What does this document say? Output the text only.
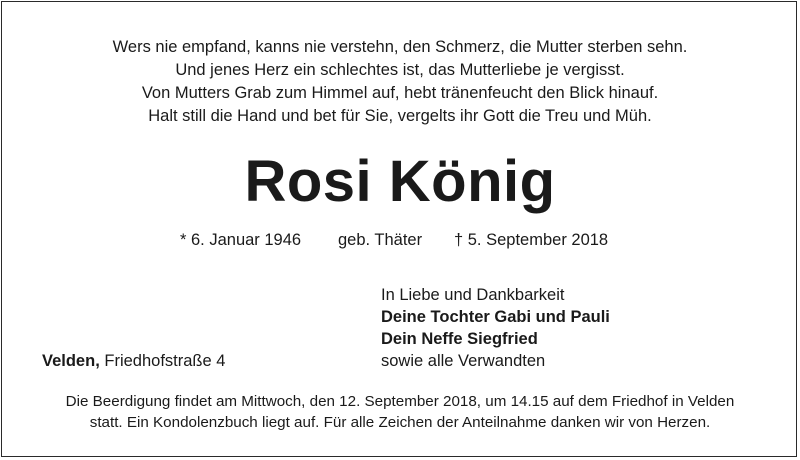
Wers nie empfand, kanns nie verstehn, den Schmerz, die Mutter sterben sehn.
Und jenes Herz ein schlechtes ist, das Mutterliebe je vergisst.
Von Mutters Grab zum Himmel auf, hebt tränenfeucht den Blick hinauf.
Halt still die Hand und bet für Sie, vergelts ihr Gott die Treu und Müh.
Rosi König
* 6. Januar 1946 geb. Thäter † 5. September 2018
In Liebe und Dankbarkeit
Deine Tochter Gabi und Pauli
Dein Neffe Siegfried
sowie alle Verwandten
Velden, Friedhofstraße 4
Die Beerdigung findet am Mittwoch, den 12. September 2018, um 14.15 auf dem Friedhof in Velden
statt. Ein Kondolenzbuch liegt auf. Für alle Zeichen der Anteilnahme danken wir von Herzen.
